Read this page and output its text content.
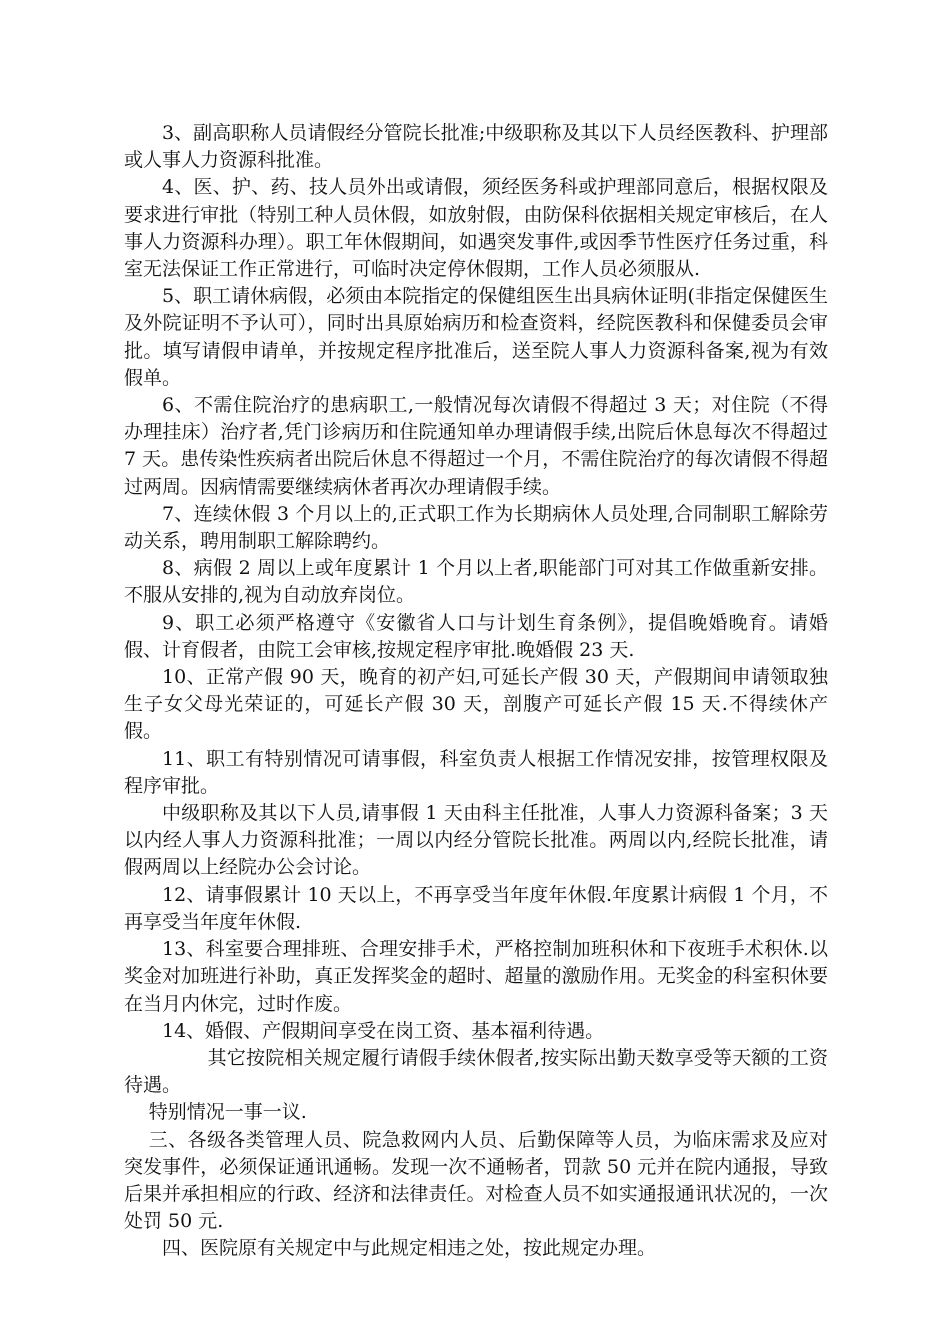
3、副高职称人员请假经分管院长批准;中级职称及其以下人员经医教科、护理部或人事人力资源科批准。

4、医、护、药、技人员外出或请假，须经医务科或护理部同意后，根据权限及要求进行审批（特别工种人员休假，如放射假，由防保科依据相关规定审核后，在人事人力资源科办理）。职工年休假期间，如遇突发事件,或因季节性医疗任务过重，科室无法保证工作正常进行，可临时决定停休假期，工作人员必须服从.

5、职工请休病假，必须由本院指定的保健组医生出具病休证明(非指定保健医生及外院证明不予认可），同时出具原始病历和检查资料，经院医教科和保健委员会审批。填写请假申请单，并按规定程序批准后，送至院人事人力资源科备案,视为有效假单。

6、不需住院治疗的患病职工,一般情况每次请假不得超过 3 天；对住院（不得办理挂床）治疗者,凭门诊病历和住院通知单办理请假手续,出院后休息每次不得超过 7 天。患传染性疾病者出院后休息不得超过一个月，不需住院治疗的每次请假不得超过两周。因病情需要继续病休者再次办理请假手续。

7、连续休假 3 个月以上的,正式职工作为长期病休人员处理,合同制职工解除劳动关系，聘用制职工解除聘约。

8、病假 2 周以上或年度累计 1 个月以上者,职能部门可对其工作做重新安排。不服从安排的,视为自动放弃岗位。

9、职工必须严格遵守《安徽省人口与计划生育条例》，提倡晚婚晚育。请婚假、计育假者，由院工会审核,按规定程序审批.晚婚假 23 天.

10、正常产假 90 天，晚育的初产妇,可延长产假 30 天，产假期间申请领取独生子女父母光荣证的，可延长产假 30 天，剖腹产可延长产假 15 天.不得续休产假。

11、职工有特别情况可请事假，科室负责人根据工作情况安排，按管理权限及程序审批。

中级职称及其以下人员,请事假 1 天由科主任批准，人事人力资源科备案；3 天以内经人事人力资源科批准；一周以内经分管院长批准。两周以内,经院长批准，请假两周以上经院办公会讨论。

12、请事假累计 10 天以上，不再享受当年度年休假.年度累计病假 1 个月，不再享受当年度年休假.

13、科室要合理排班、合理安排手术，严格控制加班积休和下夜班手术积休.以奖金对加班进行补助，真正发挥奖金的超时、超量的激励作用。无奖金的科室积休要在当月内休完，过时作废。

14、婚假、产假期间享受在岗工资、基本福利待遇。

其它按院相关规定履行请假手续休假者,按实际出勤天数享受等天额的工资待遇。

特别情况一事一议.

三、各级各类管理人员、院急救网内人员、后勤保障等人员，为临床需求及应对突发事件，必须保证通讯通畅。发现一次不通畅者，罚款 50 元并在院内通报，导致后果并承担相应的行政、经济和法律责任。对检查人员不如实通报通讯状况的，一次处罚 50 元.

四、医院原有关规定中与此规定相违之处，按此规定办理。
